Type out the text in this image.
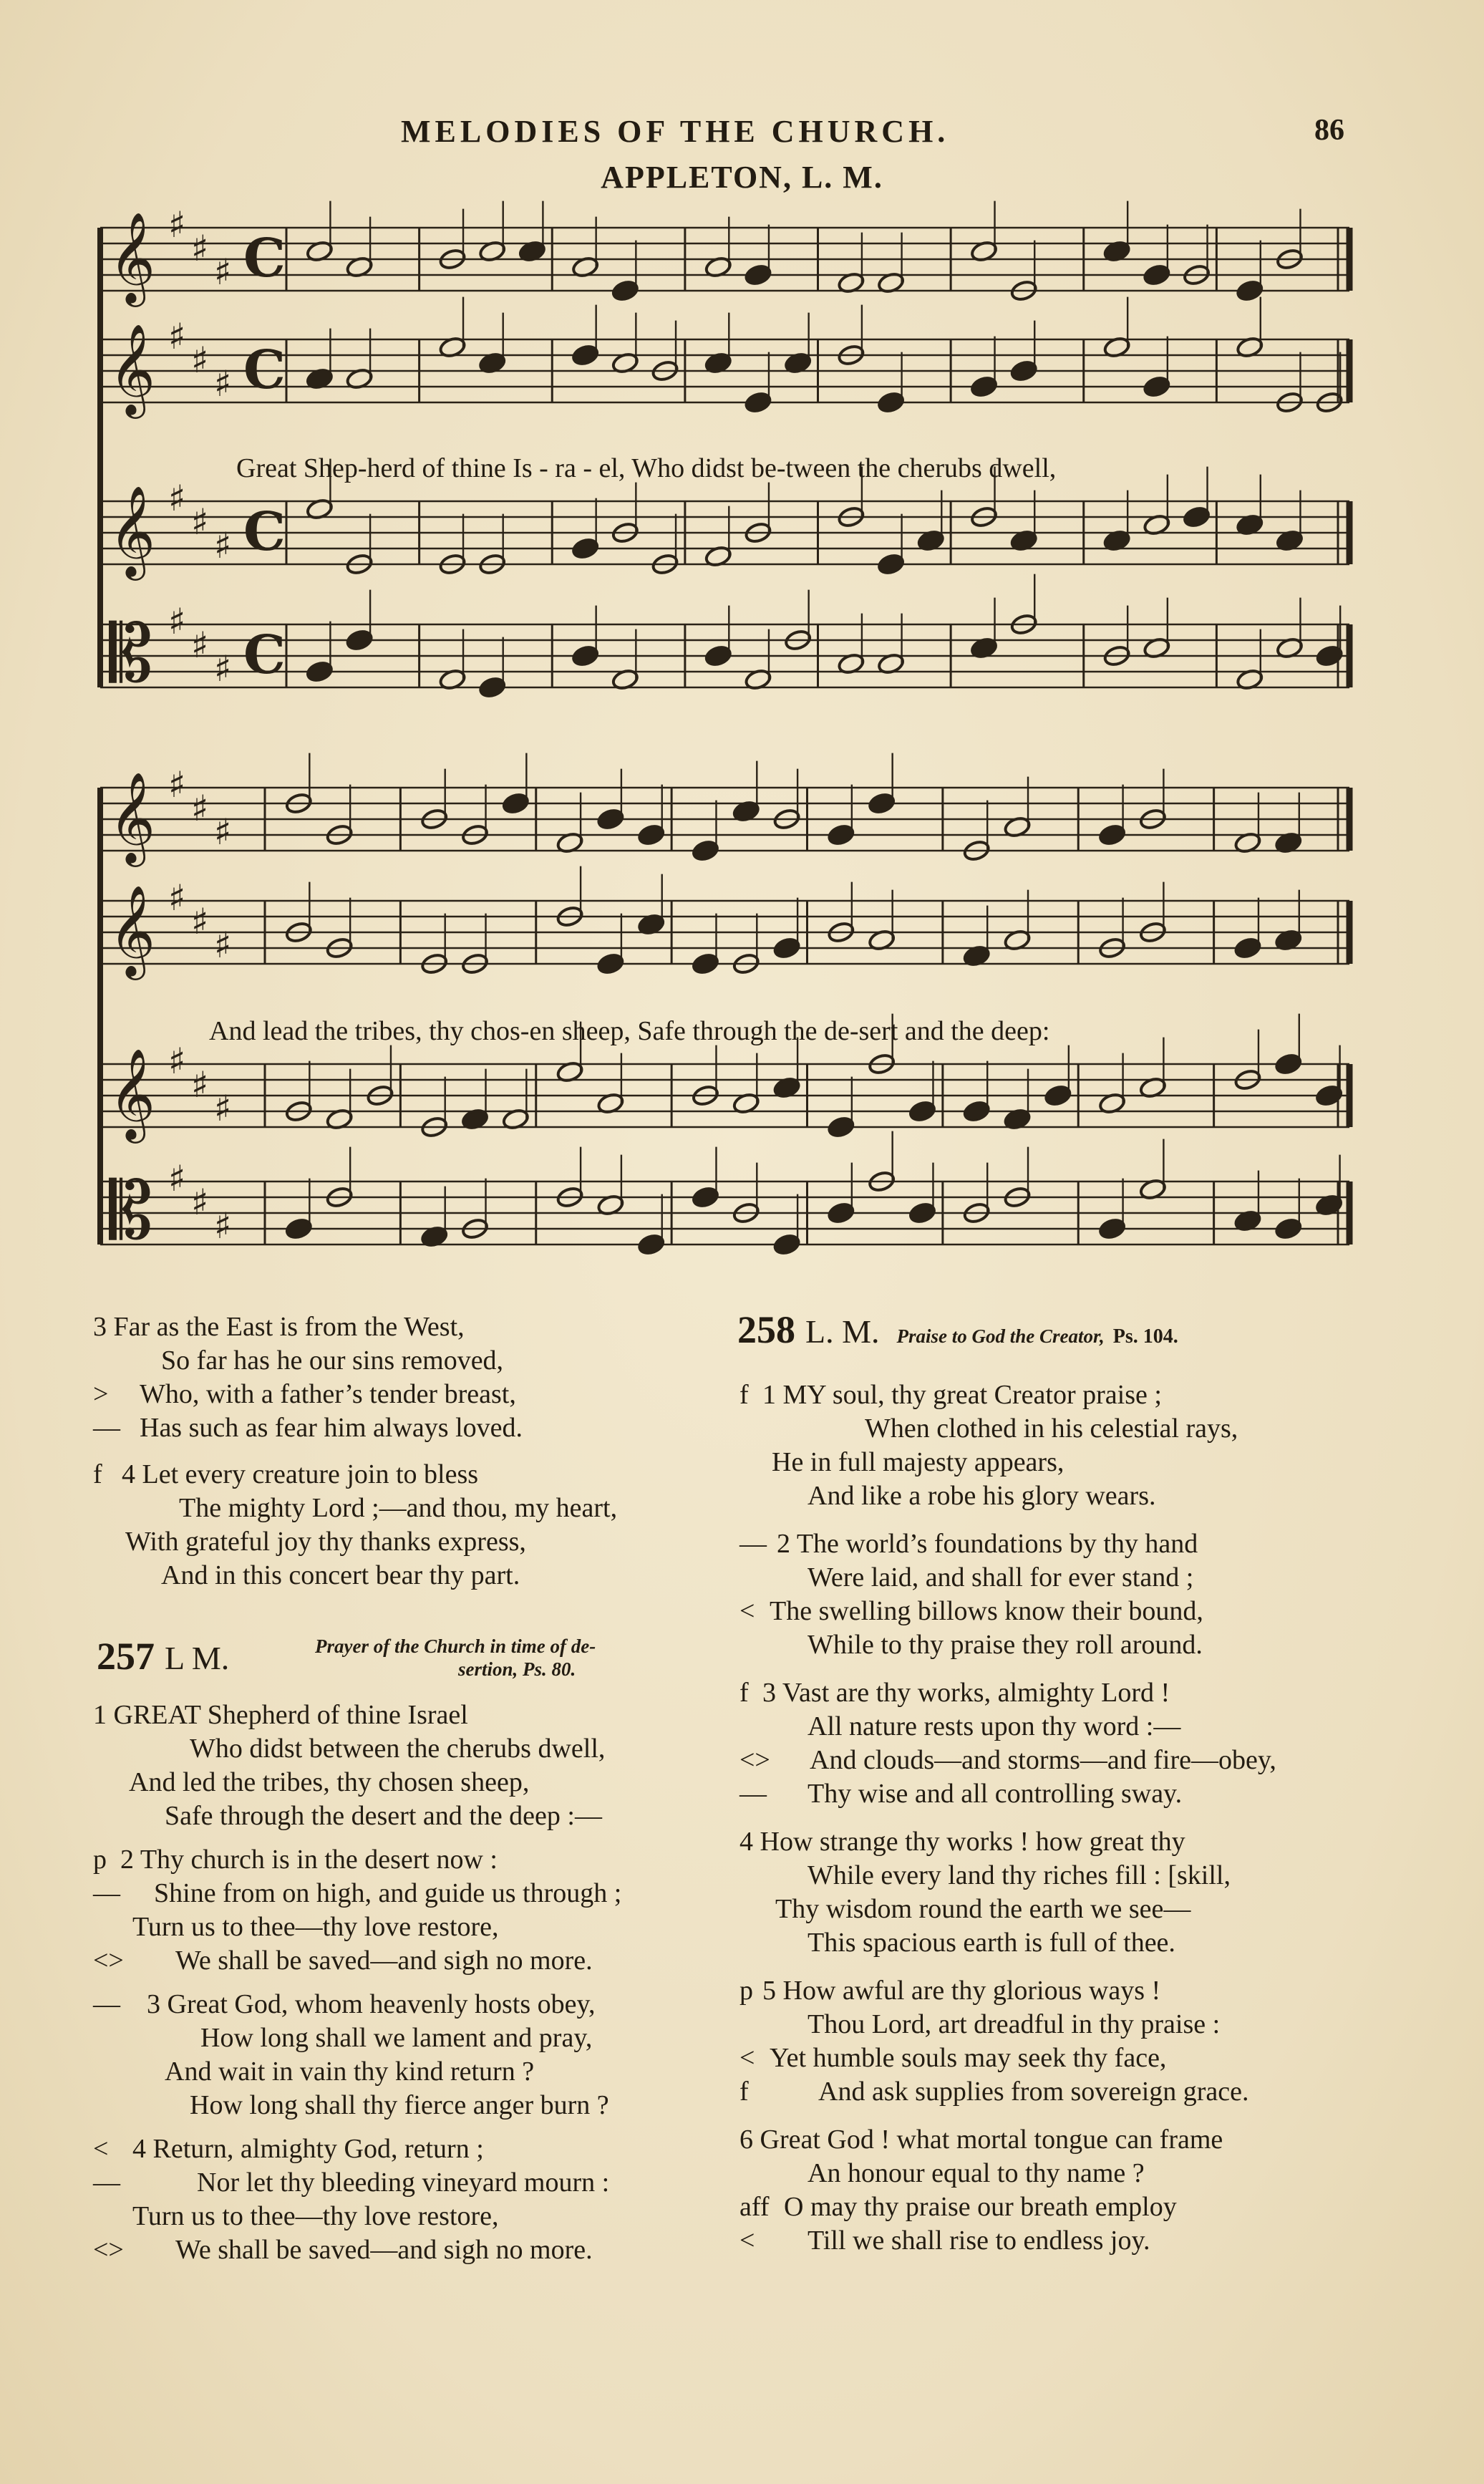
MELODIES OF THE CHURCH.	86
APPLETON, L. M.
𝄞 ♯
♯
♯ C
𝄞 ♯
♯
♯ C
𝄞 ♯
♯
♯ C
𝄡 ♯
♯
♯ C
𝄞 ♯
♯
♯
𝄞 ♯
♯
♯
𝄞 ♯
♯
♯
𝄡 ♯
♯
♯
Great Shep-herd of thine Is - ra - el, Who didst be-tween the cherubs dwell,
And lead the tribes, thy chos-en sheep, Safe through the de-sert and the deep:
3 Far as the East is from the West,
So far has he our sins removed,
> Who, with a father’s tender breast,
— Has such as fear him always loved.
f 4 Let every creature join to bless
The mighty Lord ;—and thou, my heart,
With grateful joy thy thanks express,
And in this concert bear thy part.
257 L M.	Prayer of the Church in time of de-
sertion, Ps. 80.
1 GREAT Shepherd of thine Israel
Who didst between the cherubs dwell,
And led the tribes, thy chosen sheep,
Safe through the desert and the deep :—
p 2 Thy church is in the desert now :
— Shine from on high, and guide us through ;
Turn us to thee—thy love restore,
<> We shall be saved—and sigh no more.
— 3 Great God, whom heavenly hosts obey,
How long shall we lament and pray,
And wait in vain thy kind return ?
How long shall thy fierce anger burn ?
< 4 Return, almighty God, return ;
—	Nor let thy bleeding vineyard mourn :
Turn us to thee—thy love restore,
<> We shall be saved—and sigh no more.
258 L. M. Praise to God the Creator, Ps. 104.
f 1 MY soul, thy great Creator praise ;
When clothed in his celestial rays,
He in full majesty appears,
And like a robe his glory wears.
— 2 The world’s foundations by thy hand
Were laid, and shall for ever stand ;
< The swelling billows know their bound,
While to thy praise they roll around.
f 3 Vast are thy works, almighty Lord !
All nature rests upon thy word :—
<> And clouds—and storms—and fire—obey,
— Thy wise and all controlling sway.
4 How strange thy works ! how great thy
While every land thy riches fill : [skill,
Thy wisdom round the earth we see—
This spacious earth is full of thee.
p 5 How awful are thy glorious ways !
Thou Lord, art dreadful in thy praise :
< Yet humble souls may seek thy face,
f	And ask supplies from sovereign grace.
6 Great God ! what mortal tongue can frame
An honour equal to thy name ?
aff O may thy praise our breath employ
< Till we shall rise to endless joy.
